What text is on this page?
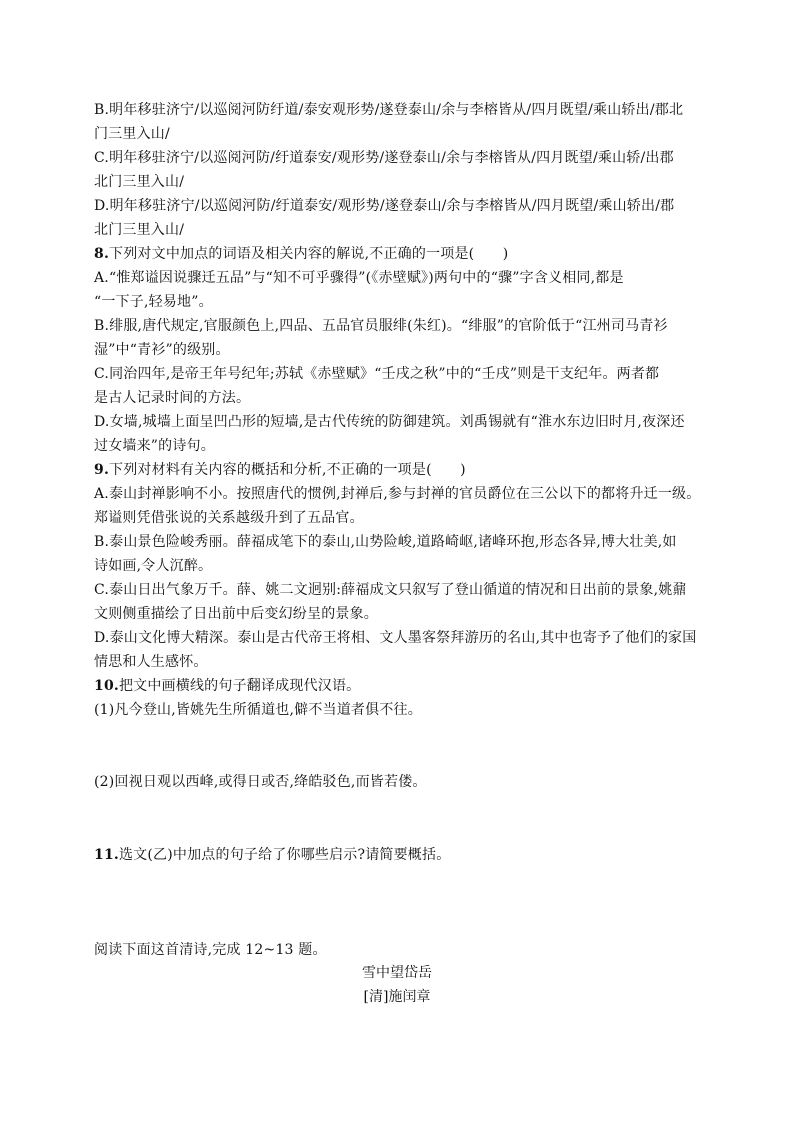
B.明年移驻济宁/以巡阅河防纡道/泰安观形势/遂登泰山/余与李榕皆从/四月既望/乘山轿出/郡北
门三里入山/
C.明年移驻济宁/以巡阅河防/纡道泰安/观形势/遂登泰山/余与李榕皆从/四月既望/乘山轿/出郡
北门三里入山/
D.明年移驻济宁/以巡阅河防/纡道泰安/观形势/遂登泰山/余与李榕皆从/四月既望/乘山轿出/郡
北门三里入山/
8.下列对文中加点的词语及相关内容的解说,不正确的一项是(　　)
A.“惟郑谥因说骤迁五品”与“知不可乎骤得”(《赤壁赋》)两句中的“骤”字含义相同,都是
“一下子,轻易地”。
B.绯服,唐代规定,官服颜色上,四品、五品官员服绯(朱红)。“绯服”的官阶低于“江州司马青衫
湿”中“青衫”的级别。
C.同治四年,是帝王年号纪年;苏轼《赤壁赋》“壬戌之秋”中的“壬戌”则是干支纪年。两者都
是古人记录时间的方法。
D.女墙,城墙上面呈凹凸形的短墙,是古代传统的防御建筑。刘禹锡就有“淮水东边旧时月,夜深还
过女墙来”的诗句。
9.下列对材料有关内容的概括和分析,不正确的一项是(　　)
A.泰山封禅影响不小。按照唐代的惯例,封禅后,参与封禅的官员爵位在三公以下的都将升迁一级。
郑谥则凭借张说的关系越级升到了五品官。
B.泰山景色险峻秀丽。薛福成笔下的泰山,山势险峻,道路崎岖,诸峰环抱,形态各异,博大壮美,如
诗如画,令人沉醉。
C.泰山日出气象万千。薛、姚二文迥别:薛福成文只叙写了登山循道的情况和日出前的景象,姚鼐
文则侧重描绘了日出前中后变幻纷呈的景象。
D.泰山文化博大精深。泰山是古代帝王将相、文人墨客祭拜游历的名山,其中也寄予了他们的家国
情思和人生感怀。
10.把文中画横线的句子翻译成现代汉语。
(1)凡今登山,皆姚先生所循道也,僻不当道者俱不往。
(2)回视日观以西峰,或得日或否,绛皓驳色,而皆若偻。
11.选文(乙)中加点的句子给了你哪些启示?请简要概括。
阅读下面这首清诗,完成 12~13 题。
雪中望岱岳
[清]施闰章
